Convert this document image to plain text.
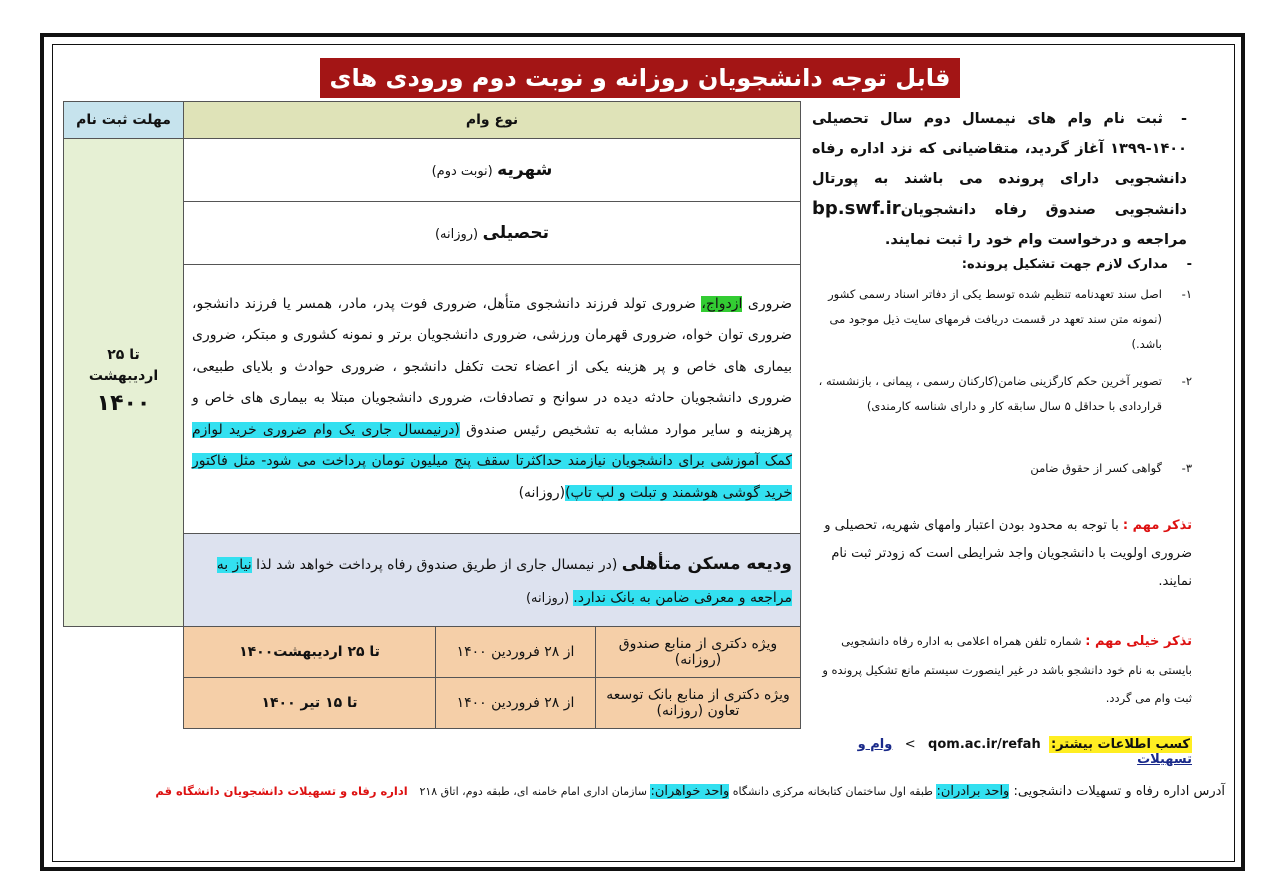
قابل توجه دانشجویان روزانه و نوبت دوم ورودی های
نوع وام			مهلت ثبت نام
شهریه (نوبت دوم)			تا ۲۵
اردیبهشت
۱۴۰۰

تحصیلی (روزانه)			
ضروری ازدواج، ضروری تولد فرزند دانشجوی متأهل، ضروری فوت پدر، مادر، همسر یا فرزند دانشجو، ضروری توان خواه، ضروری قهرمان ورزشی، ضروری دانشجویان برتر و نمونه کشوری و مبتکر، ضروری بیماری های خاص و پر هزینه یکی از اعضاء تحت تکفل دانشجو ، ضروری حوادث و بلایای طبیعی، ضروری دانشجویان حادثه دیده در سوانح و تصادفات، ضروری دانشجویان مبتلا به بیماری های خاص و پرهزینه و سایر موارد مشابه به تشخیص رئیس صندوق (درنیمسال جاری یک وام ضروری خرید لوازم کمک آموزشی برای دانشجویان نیازمند حداکثرتا سقف پنج میلیون تومان پرداخت می شود- مثل فاکتور خرید گوشی هوشمند و تبلت و لپ تاپ)(روزانه)			
ودیعه مسکن متأهلی (در نیمسال جاری از طریق صندوق رفاه پرداخت خواهد شد لذا نیاز به مراجعه و معرفی ضامن به بانک ندارد. (روزانه)			
ویژه دکتری از منابع صندوق (روزانه)	از ۲۸ فروردین ۱۴۰۰	تا ۲۵ اردیبهشت۱۴۰۰	
ویژه دکتری از منابع بانک توسعه تعاون (روزانه)	از ۲۸ فروردین ۱۴۰۰	تا ۱۵ تیر ۱۴۰۰	
-ثبت نام وام های نیمسال دوم سال تحصیلی ۱۴۰۰-۱۳۹۹ آغاز گردید، متقاضیانی که نزد اداره رفاه دانشجویی دارای پرونده می باشند به پورتال دانشجویی صندوق رفاه دانشجویانbp.swf.ir مراجعه و درخواست وام خود را ثبت نمایند.
-مدارک لازم جهت تشکیل پرونده:
۱-
اصل سند تعهدنامه تنظیم شده توسط یکی از دفاتر اسناد رسمی کشور (نمونه متن سند تعهد در قسمت دریافت فرمهای سایت ذیل موجود می باشد.)
۲-
تصویر آخرین حکم کارگزینی ضامن(کارکنان رسمی ، پیمانی ، بازنشسته ، قراردادی با حداقل ۵ سال سابقه کار و دارای شناسه کارمندی)
۳-
گواهی کسر از حقوق ضامن
تذکر مهم : با توجه به محدود بودن اعتبار وامهای شهریه، تحصیلی و ضروری اولویت با دانشجویان واجد شرایطی است که زودتر ثبت نام نمایند.
تذکر خیلی مهم : شماره تلفن همراه اعلامی به اداره رفاه دانشجویی بایستی به نام خود دانشجو باشد در غیر اینصورت سیستم مانع تشکیل پرونده و ثبت وام می گردد.
کسب اطلاعات بیشتر:  qom.ac.ir/refah   >   وام و تسهیلات
آدرس اداره رفاه و تسهیلات دانشجویی: واحد برادران: طبقه اول ساختمان کتابخانه مرکزی دانشگاه واحد خواهران: سازمان اداری امام خامنه ای، طبقه دوم، اتاق ۲۱۸   اداره رفاه و تسهیلات دانشجویان دانشگاه قم
